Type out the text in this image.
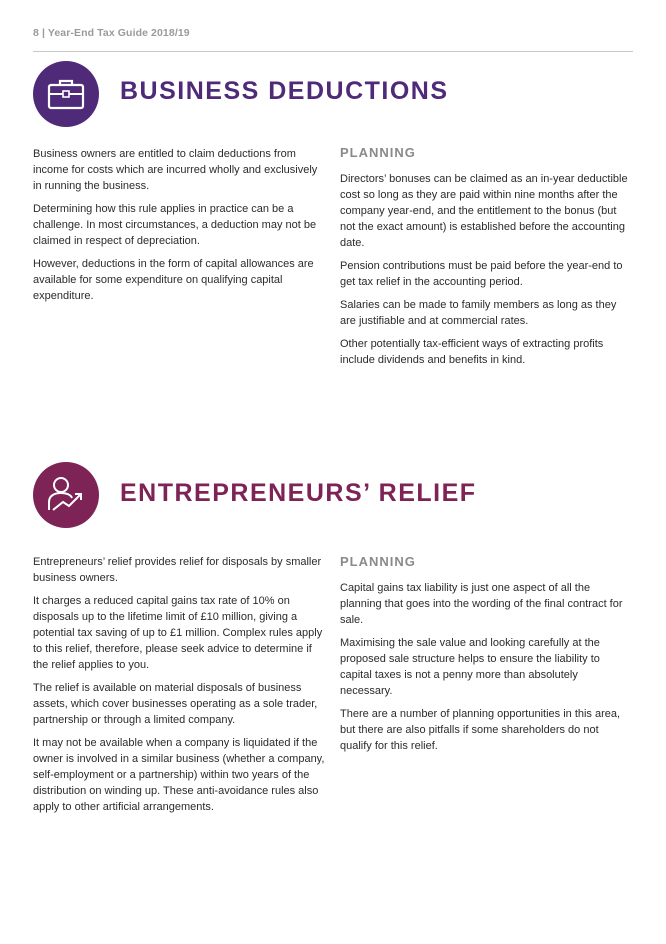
8 | Year-End Tax Guide 2018/19
BUSINESS DEDUCTIONS

Business owners are entitled to claim deductions from income for costs which are incurred wholly and exclusively in running the business.

Determining how this rule applies in practice can be a challenge. In most circumstances, a deduction may not be claimed in respect of depreciation.

However, deductions in the form of capital allowances are available for some expenditure on qualifying capital expenditure.

PLANNING

Directors’ bonuses can be claimed as an in-year deductible cost so long as they are paid within nine months after the company year-end, and the entitlement to the bonus (but not the exact amount) is established before the accounting date.

Pension contributions must be paid before the year-end to get tax relief in the accounting period.

Salaries can be made to family members as long as they are justifiable and at commercial rates.

Other potentially tax-efficient ways of extracting profits include dividends and benefits in kind.

ENTREPRENEURS’ RELIEF

Entrepreneurs’ relief provides relief for disposals by smaller business owners.

It charges a reduced capital gains tax rate of 10% on disposals up to the lifetime limit of £10 million, giving a potential tax saving of up to £1 million. Complex rules apply to this relief, therefore, please seek advice to determine if the relief applies to you.

The relief is available on material disposals of business assets, which cover businesses operating as a sole trader, partnership or through a limited company.

It may not be available when a company is liquidated if the owner is involved in a similar business (whether a company, self-employment or a partnership) within two years of the distribution on winding up. These anti-avoidance rules also apply to other artificial arrangements.

PLANNING

Capital gains tax liability is just one aspect of all the planning that goes into the wording of the final contract for sale.

Maximising the sale value and looking carefully at the proposed sale structure helps to ensure the liability to capital taxes is not a penny more than absolutely necessary.

There are a number of planning opportunities in this area, but there are also pitfalls if some shareholders do not qualify for this relief.
